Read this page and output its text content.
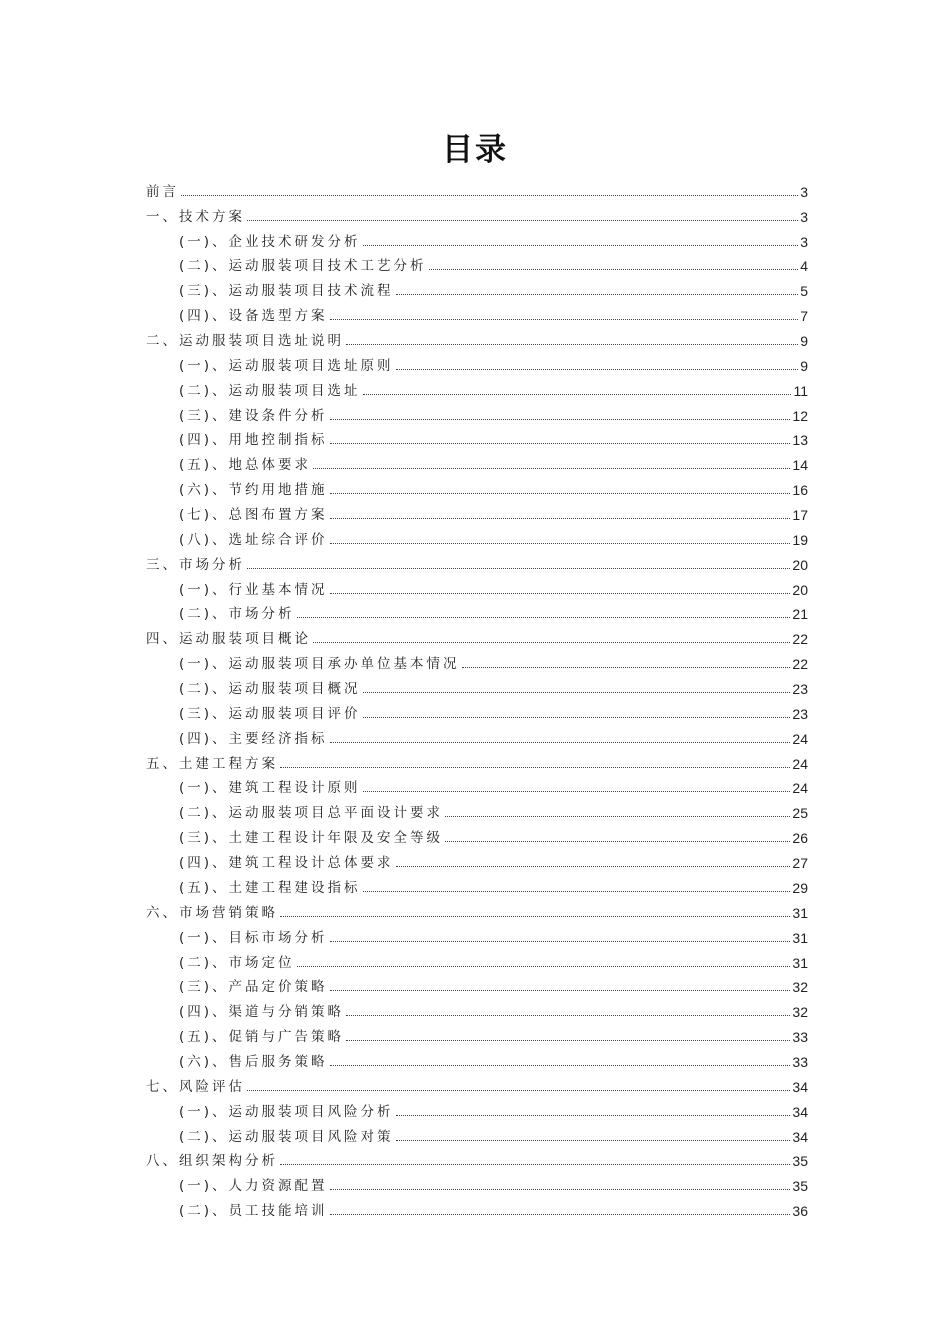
目录
前言	3
一、技术方案	3
(一)、企业技术研发分析	3
(二)、运动服装项目技术工艺分析	4
(三)、运动服装项目技术流程	5
(四)、设备选型方案	7
二、运动服装项目选址说明	9
(一)、运动服装项目选址原则	9
(二)、运动服装项目选址	11
(三)、建设条件分析	12
(四)、用地控制指标	13
(五)、地总体要求	14
(六)、节约用地措施	16
(七)、总图布置方案	17
(八)、选址综合评价	19
三、市场分析	20
(一)、行业基本情况	20
(二)、市场分析	21
四、运动服装项目概论	22
(一)、运动服装项目承办单位基本情况	22
(二)、运动服装项目概况	23
(三)、运动服装项目评价	23
(四)、主要经济指标	24
五、土建工程方案	24
(一)、建筑工程设计原则	24
(二)、运动服装项目总平面设计要求	25
(三)、土建工程设计年限及安全等级	26
(四)、建筑工程设计总体要求	27
(五)、土建工程建设指标	29
六、市场营销策略	31
(一)、目标市场分析	31
(二)、市场定位	31
(三)、产品定价策略	32
(四)、渠道与分销策略	32
(五)、促销与广告策略	33
(六)、售后服务策略	33
七、风险评估	34
(一)、运动服装项目风险分析	34
(二)、运动服装项目风险对策	34
八、组织架构分析	35
(一)、人力资源配置	35
(二)、员工技能培训	36
